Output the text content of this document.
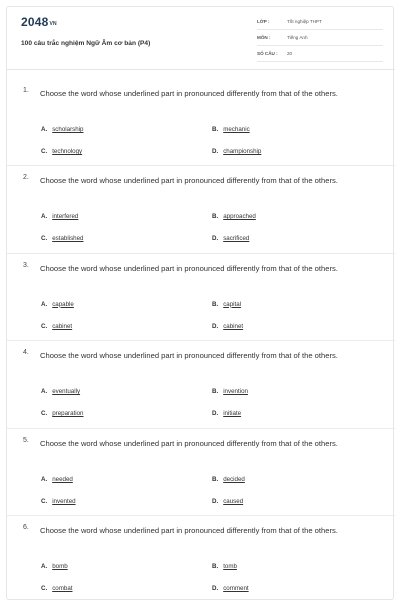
$2048^{VN}$
100 câu trắc nghiệm Ngữ Âm cơ bản (P4)
LỚP :	Tốt nghiệp THPT
MÔN :	Tiếng Anh
SỐ CÂU : 20
1. Choose the word whose underlined part in pronounced differently from that of the others.
A. scholarship	B. mechanic
C. technology	D. championship
2. Choose the word whose underlined part in pronounced differently from that of the others.
A. interfered	B. approached
C. established	D. sacrificed
3. Choose the word whose underlined part in pronounced differently from that of the others.
A. capable	B. capital
C. cabinet	D. cabinet
4. Choose the word whose underlined part in pronounced differently from that of the others.
A. eventually	B. invention
C. preparation	D. initiate
5. Choose the word whose underlined part in pronounced differently from that of the others.
A. needed	B. decided
C. invented	D. caused
6. Choose the word whose underlined part in pronounced differently from that of the others.
A. bomb	B. tomb
C. combat	D. comment
